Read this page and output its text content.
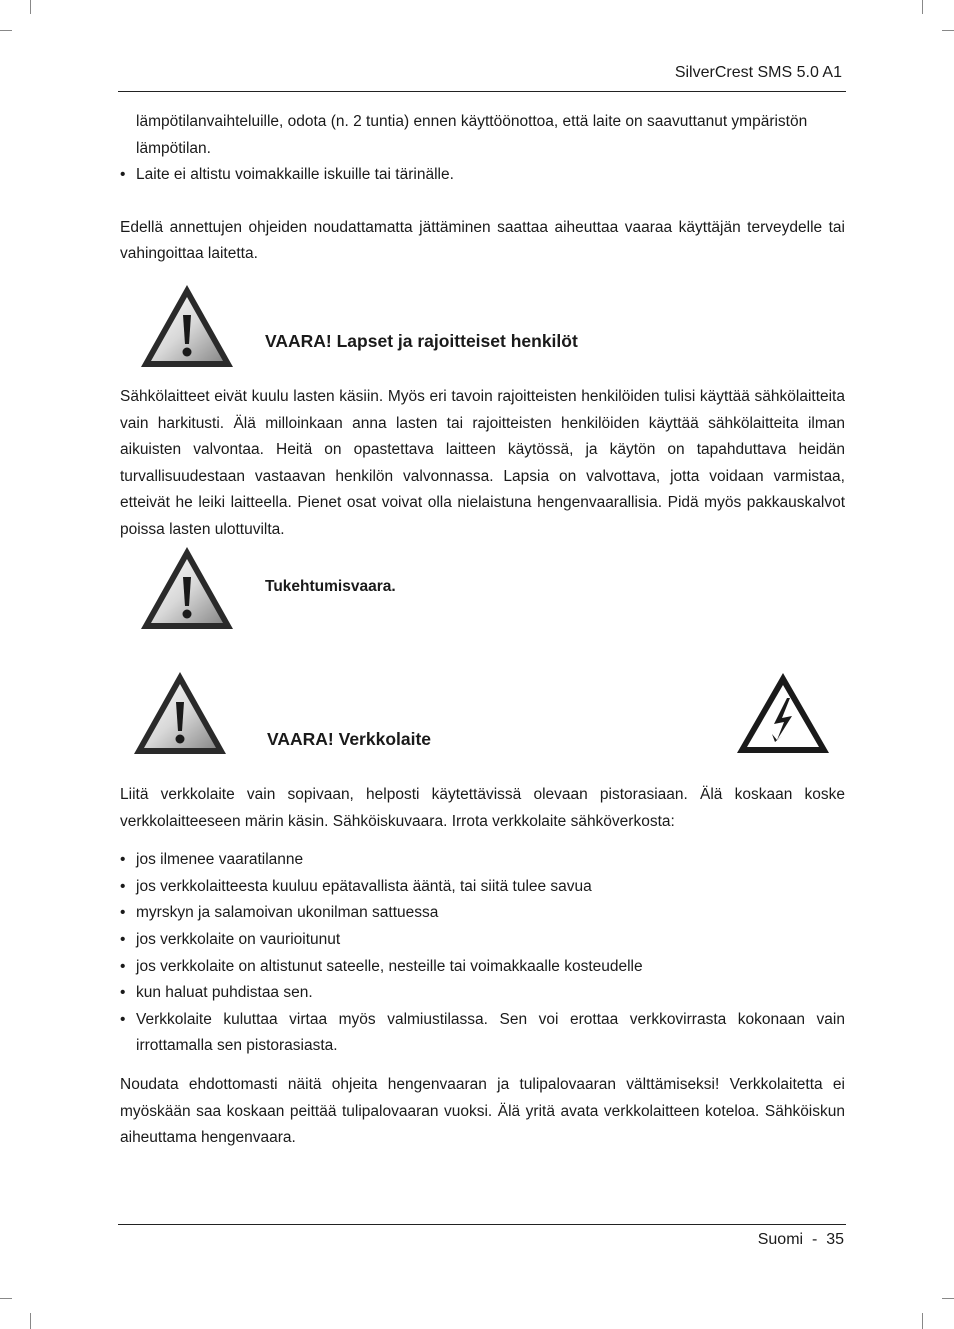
SilverCrest SMS 5.0 A1
lämpötilanvaihteluille, odota (n. 2 tuntia) ennen käyttöönottoa, että laite on saavuttanut ympäristön lämpötilan.
• Laite ei altistu voimakkaille iskuille tai tärinälle.

Edellä annettujen ohjeiden noudattamatta jättäminen saattaa aiheuttaa vaaraa käyttäjän terveydelle tai vahingoittaa laitetta.

VAARA! Lapset ja rajoitteiset henkilöt

Sähkölaitteet eivät kuulu lasten käsiin. Myös eri tavoin rajoitteisten henkilöiden tulisi käyttää sähkölaitteita vain harkitusti. Älä milloinkaan anna lasten tai rajoitteisten henkilöiden käyttää sähkölaitteita ilman aikuisten valvontaa. Heitä on opastettava laitteen käytössä, ja käytön on tapahduttava heidän turvallisuudestaan vastaavan henkilön valvonnassa. Lapsia on valvottava, jotta voidaan varmistaa, etteivät he leiki laitteella. Pienet osat voivat olla nielaistuna hengenvaarallisia. Pidä myös pakkauskalvot poissa lasten ulottuvilta.

Tukehtumisvaara.
VAARA! Verkkolaite

Liitä verkkolaite vain sopivaan, helposti käytettävissä olevaan pistorasiaan. Älä koskaan koske verkkolaitteeseen märin käsin. Sähköiskuvaara. Irrota verkkolaite sähköverkosta:

• jos ilmenee vaaratilanne
• jos verkkolaitteesta kuuluu epätavallista ääntä, tai siitä tulee savua
• myrskyn ja salamoivan ukonilman sattuessa
• jos verkkolaite on vaurioitunut
• jos verkkolaite on altistunut sateelle, nesteille tai voimakkaalle kosteudelle
• kun haluat puhdistaa sen.
• Verkkolaite kuluttaa virtaa myös valmiustilassa. Sen voi erottaa verkkovirrasta kokonaan vain irrottamalla sen pistorasiasta.

Noudata ehdottomasti näitä ohjeita hengenvaaran ja tulipalovaaran välttämiseksi! Verkkolaitetta ei myöskään saa koskaan peittää tulipalovaaran vuoksi. Älä yritä avata verkkolaitteen koteloa. Sähköiskun aiheuttama hengenvaara.

Suomi  -  35
